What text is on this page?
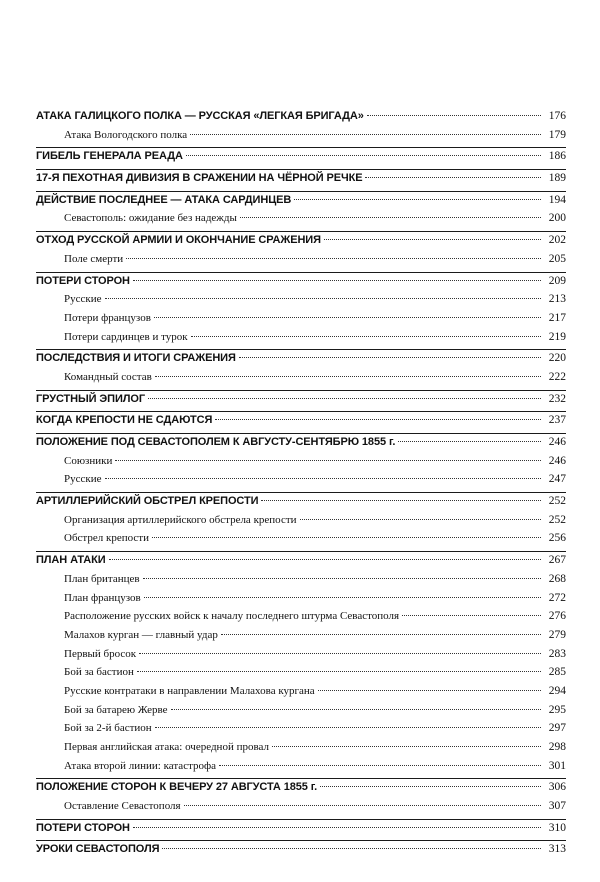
АТАКА ГАЛИЦКОГО ПОЛКА — РУССКАЯ «ЛЕГКАЯ БРИГАДА»	176
Атака Вологодского полка	179
ГИБЕЛЬ ГЕНЕРАЛА РЕАДА	186
17-Я ПЕХОТНАЯ ДИВИЗИЯ В СРАЖЕНИИ НА ЧЁРНОЙ РЕЧКЕ	189
ДЕЙСТВИЕ ПОСЛЕДНЕЕ — АТАКА САРДИНЦЕВ	194
Севастополь: ожидание без надежды	200
ОТХОД РУССКОЙ АРМИИ И ОКОНЧАНИЕ СРАЖЕНИЯ	202
Поле смерти	205
ПОТЕРИ СТОРОН	209
Русские	213
Потери французов	217
Потери сардинцев и турок	219
ПОСЛЕДСТВИЯ И ИТОГИ СРАЖЕНИЯ	220
Командный состав	222
ГРУСТНЫЙ ЭПИЛОГ	232
КОГДА КРЕПОСТИ НЕ СДАЮТСЯ	237
ПОЛОЖЕНИЕ ПОД СЕВАСТОПОЛЕМ К АВГУСТУ-СЕНТЯБРЮ 1855 г.	246
Союзники	246
Русские	247
АРТИЛЛЕРИЙСКИЙ ОБСТРЕЛ КРЕПОСТИ	252
Организация артиллерийского обстрела крепости	252
Обстрел крепости	256
ПЛАН АТАКИ	267
План британцев	268
План французов	272
Расположение русских войск к началу последнего штурма Севастополя	276
Малахов курган — главный удар	279
Первый бросок	283
Бой за бастион	285
Русские контратаки в направлении Малахова кургана	294
Бой за батарею Жерве	295
Бой за 2-й бастион	297
Первая английская атака: очередной провал	298
Атака второй линии: катастрофа	301
ПОЛОЖЕНИЕ СТОРОН К ВЕЧЕРУ 27 АВГУСТА 1855 г.	306
Оставление Севастополя	307
ПОТЕРИ СТОРОН	310
УРОКИ СЕВАСТОПОЛЯ	313
